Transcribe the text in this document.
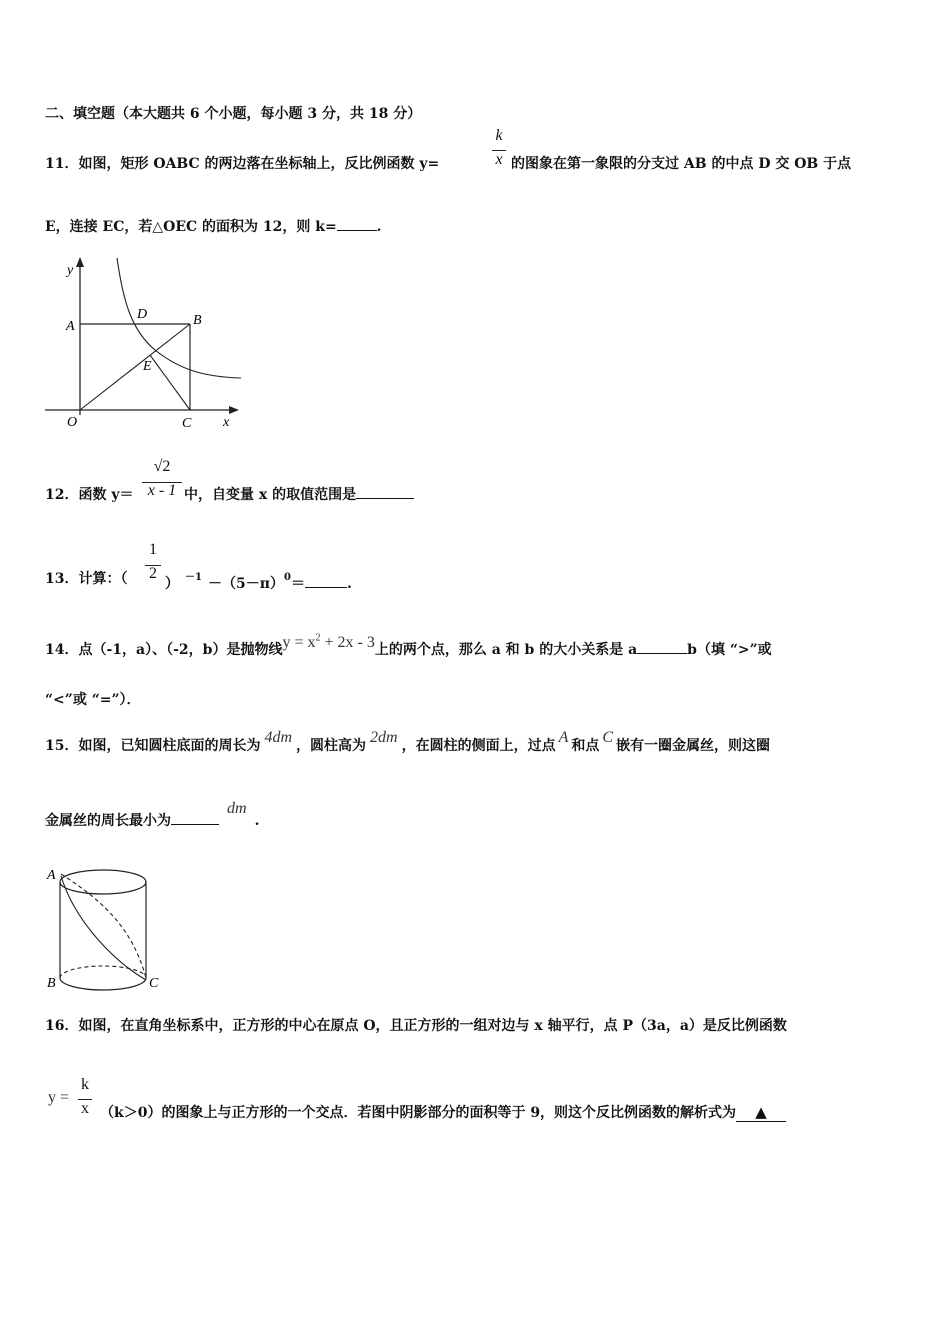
二、填空题（本大题共 6 个小题，每小题 3 分，共 18 分）
11．如图，矩形 OABC 的两边落在坐标轴上，反比例函数 y=
k
x 的图象在第一象限的分支过 AB 的中点 D 交 OB 于点
E，连接 EC，若△OEC 的面积为 12，则 k=	.
y
A
D	B
E
O	C x
12．函数 y＝
√2
x - 1 中，自变量 x 的取值范围是
13．计算：（
1
2
） $^{-1} -(5-\pi)^0=$	.
14．点（-1，a）、（-2，b）是抛物线$y = x^2 + 2x - 3$上的两个点，那么 a 和 b 的大小关系是 a	b（填 “>”或
“<”或 “=”）．
15．如图，已知圆柱底面的周长为 4dm ，圆柱高为 2dm ，在圆柱的侧面上，过点 A 和点 C 嵌有一圈金属丝，则这圈
金属丝的周长最小为dm.
A
B	C
16．如图，在直角坐标系中，正方形的中心在原点 O，且正方形的一组对边与 x 轴平行，点 P（3a，a）是反比例函数
y =
k
x （k＞0）的图象上与正方形的一个交点．若图中阴影部分的面积等于 9，则这个反比例函数的解析式为 ▲
